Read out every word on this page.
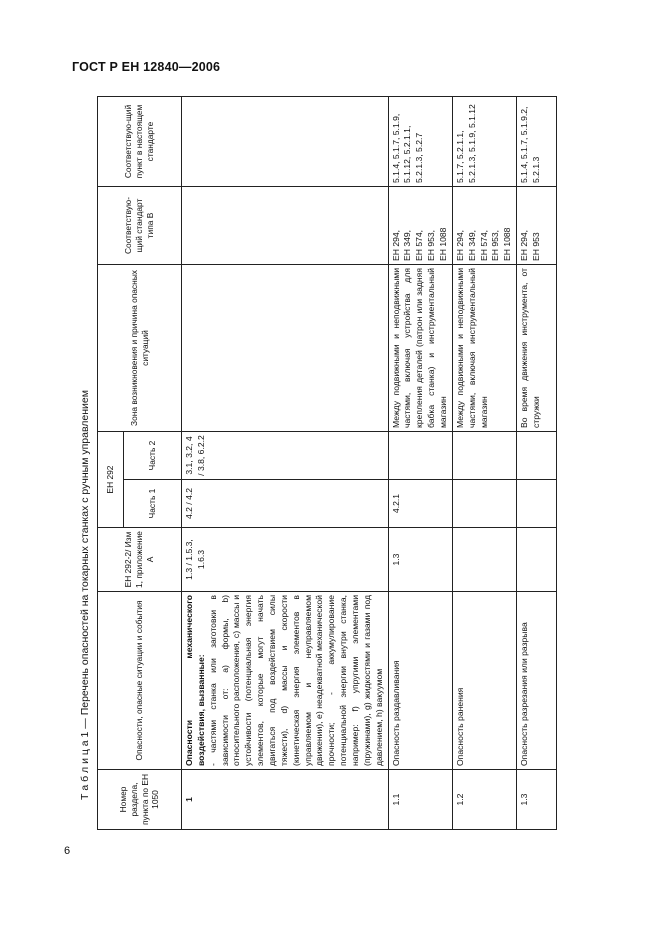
ГОСТ Р ЕН 12840—2006
6
Т а б л и ц а 1 — Перечень опасностей на токарных станках с ручным управлением	Номер раздела, пункта по ЕН 1050	Опасности, опасные ситуации и события	ЕН 292-2/ Изм 1, приложение А	ЕН 292		Зона возникновения и причина опасных ситуаций	Соответствую-щий стандарт типа В	Соответствую-щий пункт в настоящем стандарте
			Часть 1	Часть 2			
1	Опасности механического воздействия, вызванные: - частями станка или заготовки в зависимости от: a) формы, b) относительного расположения, c) массы и устойчивости (потенциальная энергия элементов, которые могут начать двигаться под воздействием силы тяжести), d) массы и скорости (кинетическая энергия элементов в управляемом и неуправляемом движении), e) неадекватной механической прочности; - аккумулирование потенциальной энергии внутри станка, например: f) упругими элементами (пружинами), g) жидкостями и газами под давлением, h) вакуумом	1.3 / 1.5.3, 1.6.3	4.2 / 4.2	3.1, 3.2, 4 / 3.8, 6.2.2			
1.1	Опасность раздавливания	1.3	4.2.1		Между подвижными и неподвижными частями, включая устройства для крепления деталей (патрон или задняя бабка станка) и инструментальный магазин	ЕН 294, ЕН 349, ЕН 574, ЕН 953, ЕН 1088	5.1.4, 5.1.7, 5.1.9, 5.1.12, 5.2.1.1, 5.2.1.3, 5.2.7
1.2	Опасность ранения				Между подвижными и неподвижными частями, включая инструментальный магазин	ЕН 294, ЕН 349, ЕН 574, ЕН 953, ЕН 1088	5.1.7, 5.2.1.1, 5.2.1.3, 5.1.9, 5.1.12
1.3	Опасность разрезания или разрыва				Во время движения инструмента, от стружки	ЕН 294, ЕН 953	5.1.4, 5.1.7, 5.1.9.2, 5.2.1.3
